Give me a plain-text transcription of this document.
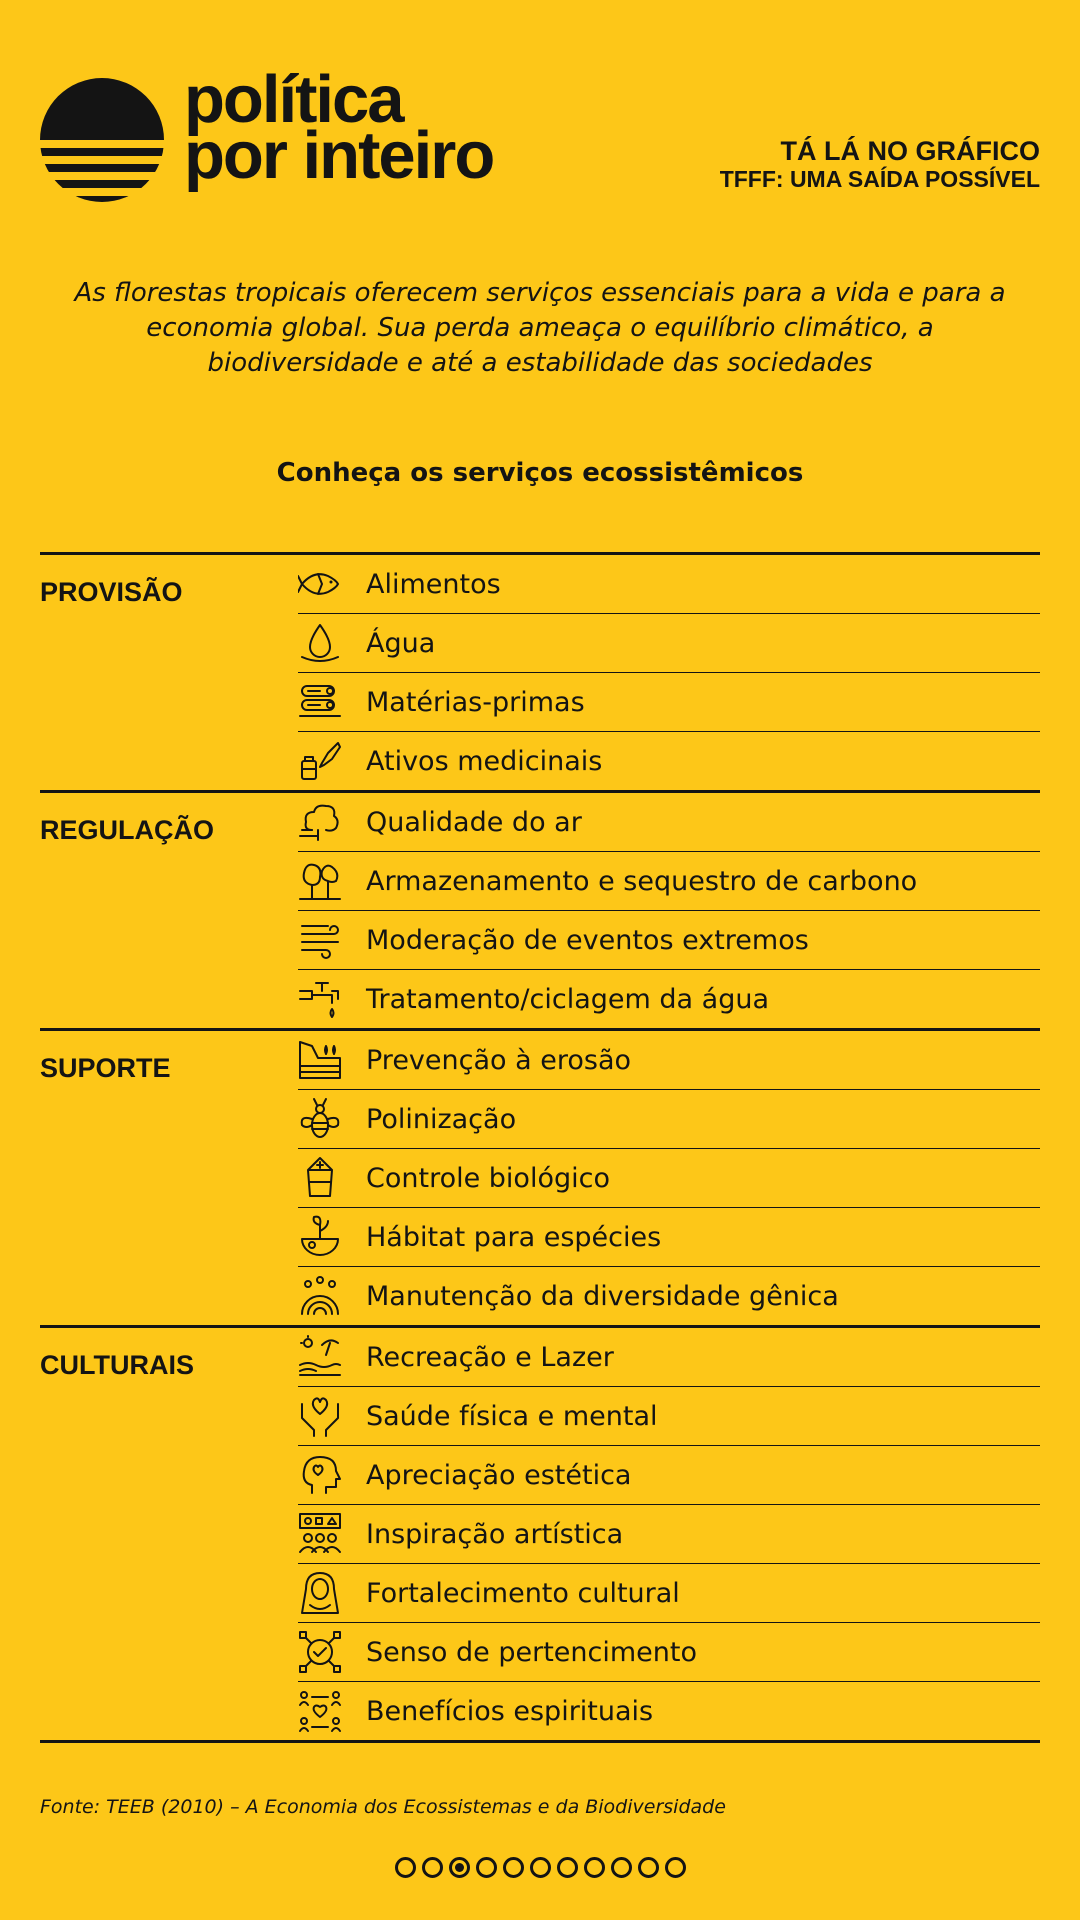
política
por inteiro	TÁ LÁ NO GRÁFICO
TFFF: UMA SAÍDA POSSÍVEL
As florestas tropicais oferecem serviços essenciais para a vida e para a economia global. Sua perda ameaça o equilíbrio climático, a biodiversidade e até a estabilidade das sociedades
Conheça os serviços ecossistêmicos
PROVISÃO	Alimentos
Água
Matérias-primas
Ativos medicinais
REGULAÇÃO	Qualidade do ar
Armazenamento e sequestro de carbono
Moderação de eventos extremos
Tratamento/ciclagem da água
SUPORTE	Prevenção à erosão
Polinização
Controle biológico
Hábitat para espécies
Manutenção da diversidade gênica
CULTURAIS	Recreação e Lazer
Saúde física e mental
Apreciação estética
Inspiração artística
Fortalecimento cultural
Senso de pertencimento
Benefícios espirituais
Fonte: TEEB (2010) – A Economia dos Ecossistemas e da Biodiversidade
